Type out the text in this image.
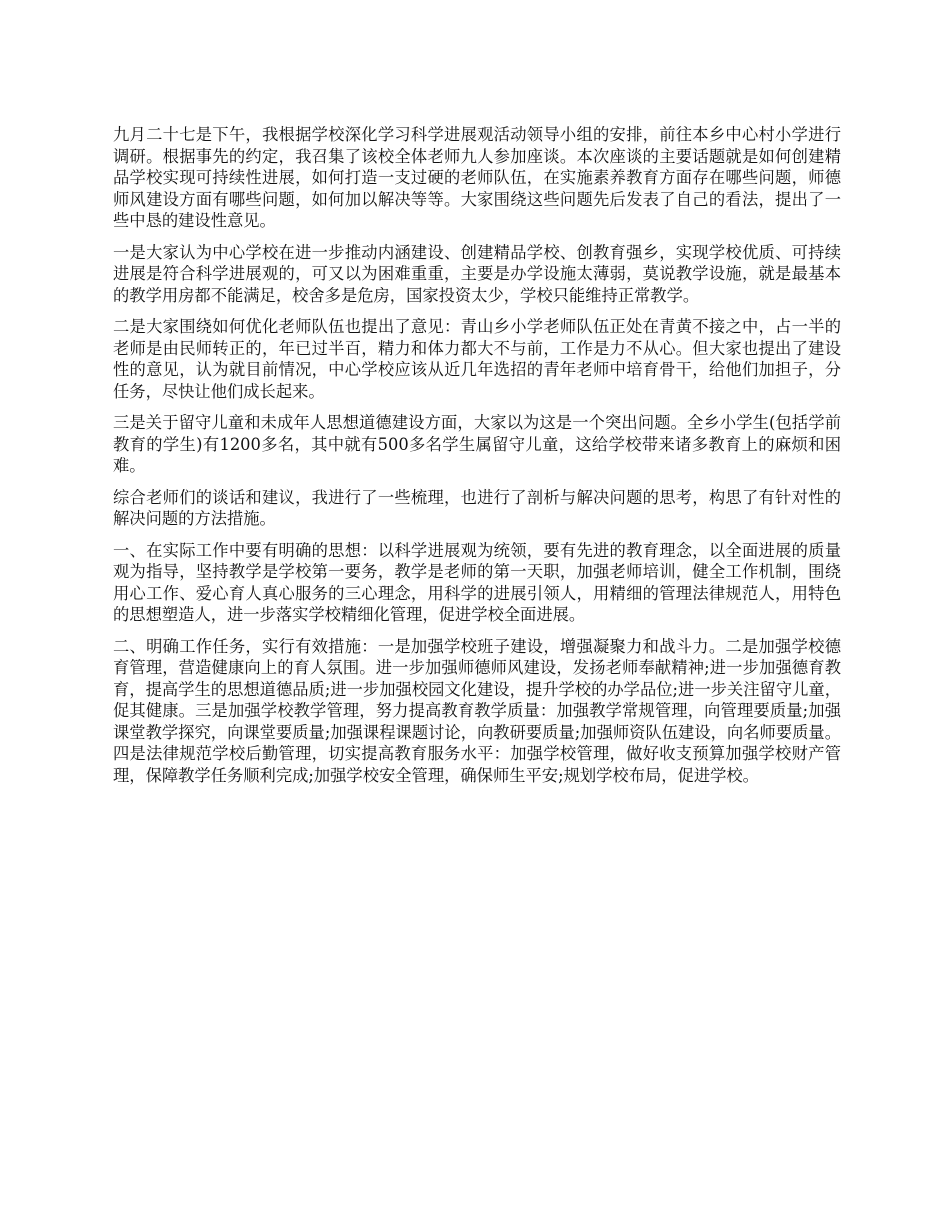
九月二十七是下午，我根据学校深化学习科学进展观活动领导小组的安排，前往本乡中心村小学进行调研。根据事先的约定，我召集了该校全体老师九人参加座谈。本次座谈的主要话题就是如何创建精品学校实现可持续性进展，如何打造一支过硬的老师队伍，在实施素养教育方面存在哪些问题，师德师风建设方面有哪些问题，如何加以解决等等。大家围绕这些问题先后发表了自己的看法，提出了一些中恳的建设性意见。

一是大家认为中心学校在进一步推动内涵建设、创建精品学校、创教育强乡，实现学校优质、可持续进展是符合科学进展观的，可又以为困难重重，主要是办学设施太薄弱，莫说教学设施，就是最基本的教学用房都不能满足，校舍多是危房，国家投资太少，学校只能维持正常教学。

二是大家围绕如何优化老师队伍也提出了意见：青山乡小学老师队伍正处在青黄不接之中，占一半的老师是由民师转正的，年已过半百，精力和体力都大不与前，工作是力不从心。但大家也提出了建设性的意见，认为就目前情况，中心学校应该从近几年选招的青年老师中培育骨干，给他们加担子，分任务，尽快让他们成长起来。

三是关于留守儿童和未成年人思想道德建设方面，大家以为这是一个突出问题。全乡小学生(包括学前教育的学生)有1200多名，其中就有500多名学生属留守儿童，这给学校带来诸多教育上的麻烦和困难。

综合老师们的谈话和建议，我进行了一些梳理，也进行了剖析与解决问题的思考，构思了有针对性的解决问题的方法措施。

一、在实际工作中要有明确的思想：以科学进展观为统领，要有先进的教育理念，以全面进展的质量观为指导，坚持教学是学校第一要务，教学是老师的第一天职，加强老师培训，健全工作机制，围绕用心工作、爱心育人真心服务的三心理念，用科学的进展引领人，用精细的管理法律规范人，用特色的思想塑造人，进一步落实学校精细化管理，促进学校全面进展。

二、明确工作任务，实行有效措施：一是加强学校班子建设，增强凝聚力和战斗力。二是加强学校德育管理，营造健康向上的育人氛围。进一步加强师德师风建设，发扬老师奉献精神;进一步加强德育教育，提高学生的思想道德品质;进一步加强校园文化建设，提升学校的办学品位;进一步关注留守儿童，促其健康。三是加强学校教学管理，努力提高教育教学质量：加强教学常规管理，向管理要质量;加强课堂教学探究，向课堂要质量;加强课程课题讨论，向教研要质量;加强师资队伍建设，向名师要质量。四是法律规范学校后勤管理，切实提高教育服务水平：加强学校管理，做好收支预算加强学校财产管理，保障教学任务顺利完成;加强学校安全管理，确保师生平安;规划学校布局，促进学校。
